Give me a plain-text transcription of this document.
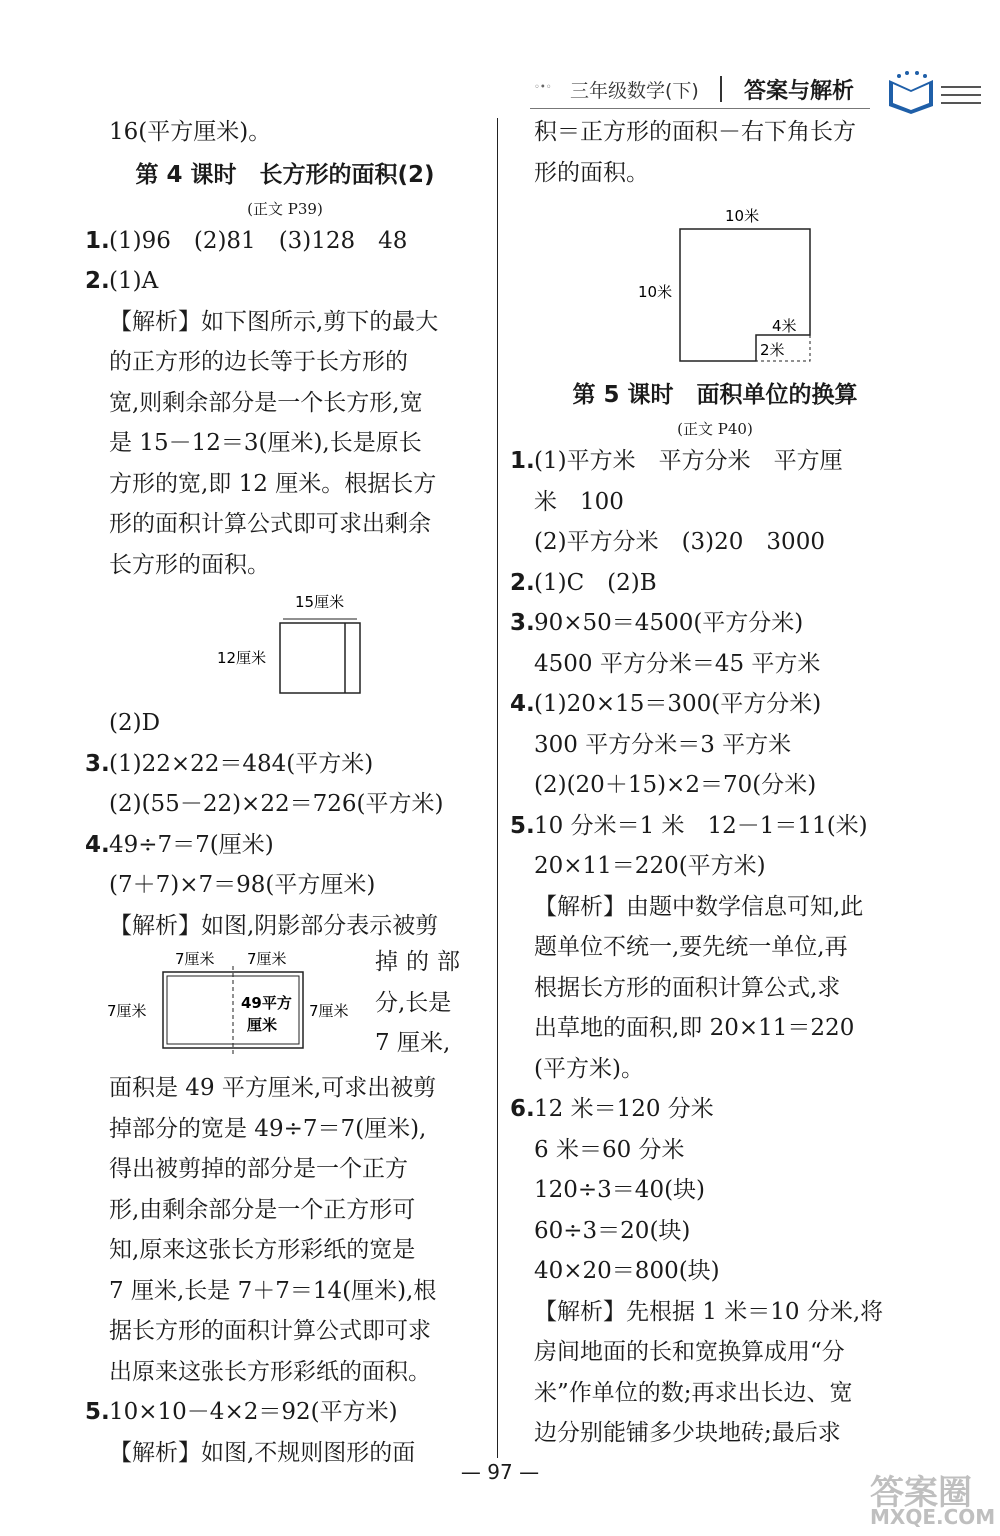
◦•◦ 三年级数学(下) 答案与解析

16(平方厘米)。

第 4 课时　长方形的面积(2)
(正文 P39)

1.(1)96　(2)81　(3)128　48

2.(1)A

【解析】如下图所示,剪下的最大

的正方形的边长等于长方形的

宽,则剩余部分是一个长方形,宽

是 15－12＝3(厘米),长是原长

方形的宽,即 12 厘米。根据长方

形的面积计算公式即可求出剩余

长方形的面积。

15厘米
12厘米

(2)D

3.(1)22×22＝484(平方米)

(2)(55－22)×22＝726(平方米)

4.49÷7＝7(厘米)

(7＋7)×7＝98(平方厘米)

【解析】如图,阴影部分表示被剪

7厘米 7厘米
7厘米	7厘米
49平方
厘米

掉的部

分,长是

7 厘米,

面积是 49 平方厘米,可求出被剪

掉部分的宽是 49÷7＝7(厘米),

得出被剪掉的部分是一个正方

形,由剩余部分是一个正方形可

知,原来这张长方形彩纸的宽是

7 厘米,长是 7＋7＝14(厘米),根

据长方形的面积计算公式即可求

出原来这张长方形彩纸的面积。

5.10×10－4×2＝92(平方米)

【解析】如图,不规则图形的面

积＝正方形的面积－右下角长方

形的面积。

10米
10米
4米
2米
第 5 课时　面积单位的换算
(正文 P40)

1.(1)平方米　平方分米　平方厘

米　100

(2)平方分米　(3)20　3000

2.(1)C　(2)B

3.90×50＝4500(平方分米)

4500 平方分米＝45 平方米

4.(1)20×15＝300(平方分米)

300 平方分米＝3 平方米

(2)(20＋15)×2＝70(分米)

5.10 分米＝1 米　12－1＝11(米)

20×11＝220(平方米)

【解析】由题中数学信息可知,此

题单位不统一,要先统一单位,再

根据长方形的面积计算公式,求

出草地的面积,即 20×11＝220

(平方米)。

6.12 米＝120 分米

6 米＝60 分米

120÷3＝40(块)

60÷3＝20(块)

40×20＝800(块)

【解析】先根据 1 米＝10 分米,将

房间地面的长和宽换算成用“分

米”作单位的数;再求出长边、宽

边分别能铺多少块地砖;最后求

— 97 —
答案圈
MXQE.COM
